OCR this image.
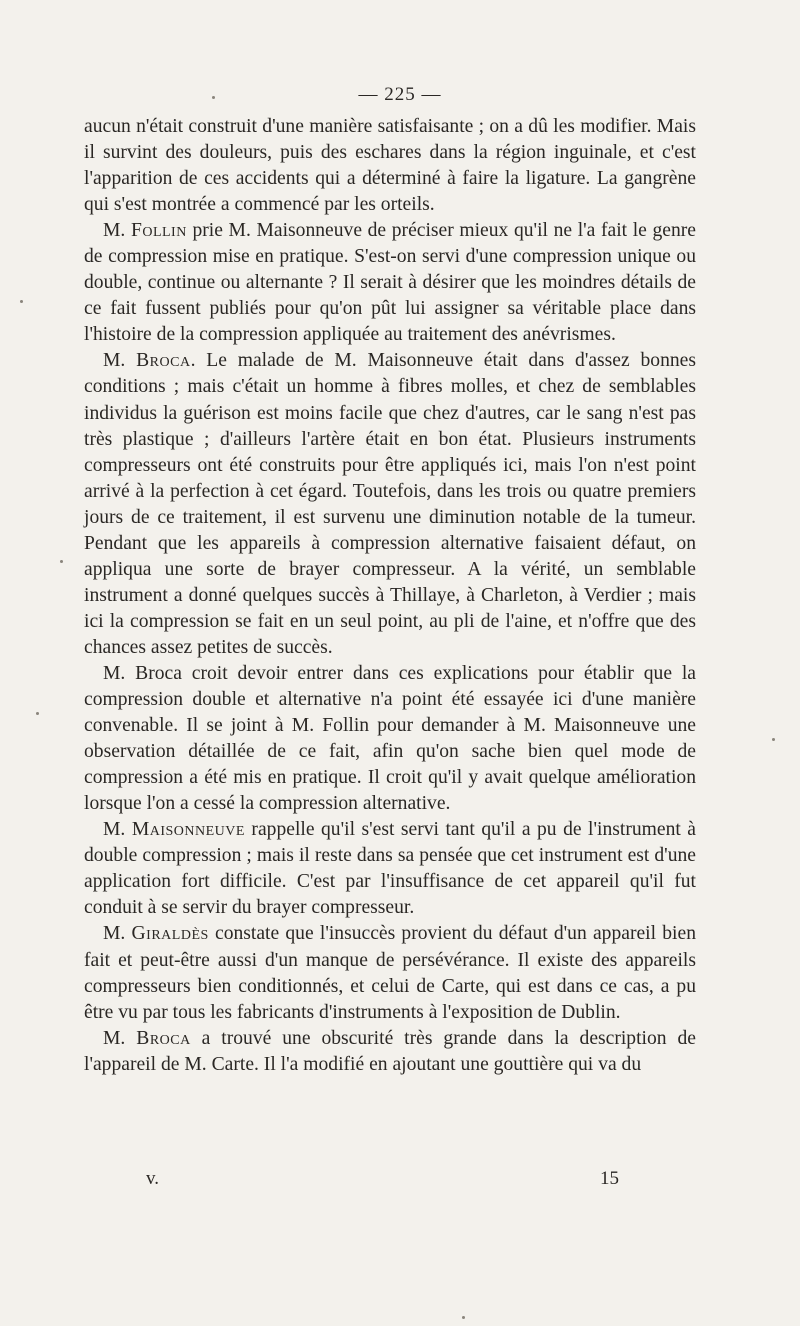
— 225 —

aucun n'était construit d'une manière satisfaisante ; on a dû les modifier. Mais il survint des douleurs, puis des eschares dans la région inguinale, et c'est l'apparition de ces accidents qui a déterminé à faire la ligature. La gangrène qui s'est montrée a commencé par les orteils.

M. Follin prie M. Maisonneuve de préciser mieux qu'il ne l'a fait le genre de compression mise en pratique. S'est-on servi d'une compression unique ou double, continue ou alternante ? Il serait à désirer que les moindres détails de ce fait fussent publiés pour qu'on pût lui assigner sa véritable place dans l'histoire de la compression appliquée au traitement des anévrismes.

M. Broca. Le malade de M. Maisonneuve était dans d'assez bonnes conditions ; mais c'était un homme à fibres molles, et chez de semblables individus la guérison est moins facile que chez d'autres, car le sang n'est pas très plastique ; d'ailleurs l'artère était en bon état. Plusieurs instruments compresseurs ont été construits pour être appliqués ici, mais l'on n'est point arrivé à la perfection à cet égard. Toutefois, dans les trois ou quatre premiers jours de ce traitement, il est survenu une diminution notable de la tumeur. Pendant que les appareils à compression alternative faisaient défaut, on appliqua une sorte de brayer compresseur. A la vérité, un semblable instrument a donné quelques succès à Thillaye, à Charleton, à Verdier ; mais ici la compression se fait en un seul point, au pli de l'aine, et n'offre que des chances assez petites de succès.

M. Broca croit devoir entrer dans ces explications pour établir que la compression double et alternative n'a point été essayée ici d'une manière convenable. Il se joint à M. Follin pour demander à M. Maisonneuve une observation détaillée de ce fait, afin qu'on sache bien quel mode de compression a été mis en pratique. Il croit qu'il y avait quelque amélioration lorsque l'on a cessé la compression alternative.

M. Maisonneuve rappelle qu'il s'est servi tant qu'il a pu de l'instrument à double compression ; mais il reste dans sa pensée que cet instrument est d'une application fort difficile. C'est par l'insuffisance de cet appareil qu'il fut conduit à se servir du brayer compresseur.

M. Giraldès constate que l'insuccès provient du défaut d'un appareil bien fait et peut-être aussi d'un manque de persévérance. Il existe des appareils compresseurs bien conditionnés, et celui de Carte, qui est dans ce cas, a pu être vu par tous les fabricants d'instruments à l'exposition de Dublin.

M. Broca a trouvé une obscurité très grande dans la description de l'appareil de M. Carte. Il l'a modifié en ajoutant une gouttière qui va du

v.	15
